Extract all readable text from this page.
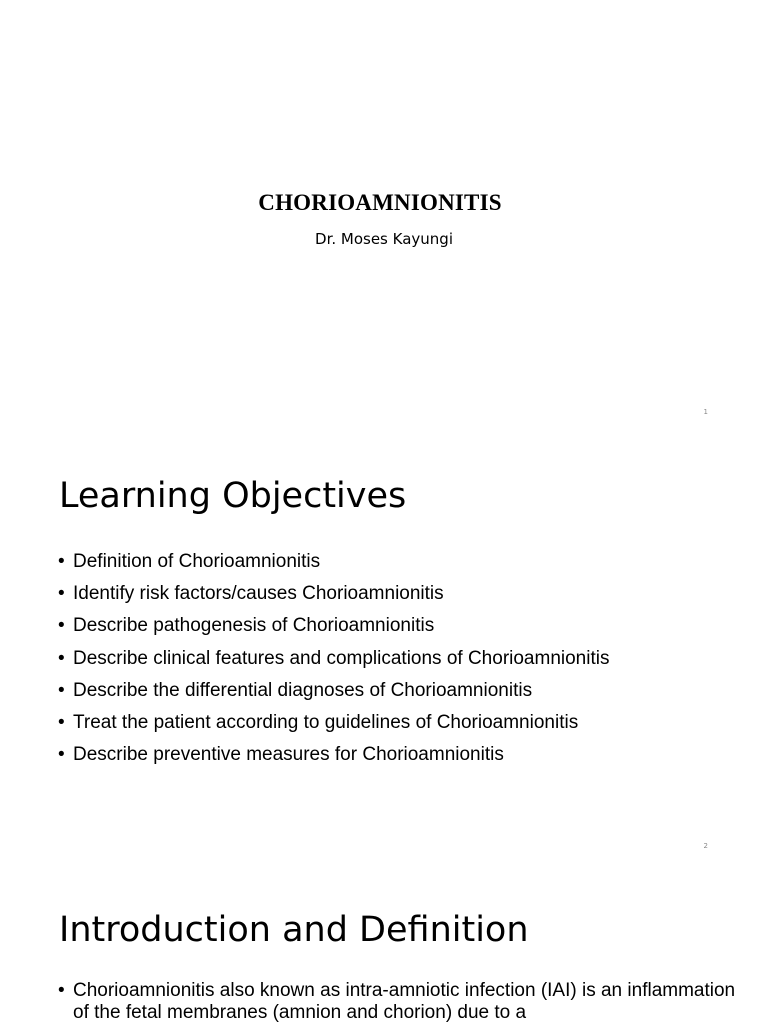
CHORIOAMNIONITIS
Dr. Moses Kayungi
1
Learning Objectives
• Definition of Chorioamnionitis
• Identify risk factors/causes Chorioamnionitis
• Describe pathogenesis of Chorioamnionitis
• Describe clinical features and complications of Chorioamnionitis
• Describe the differential diagnoses of Chorioamnionitis
• Treat the patient according to guidelines of Chorioamnionitis
• Describe preventive measures for Chorioamnionitis
2
Introduction and Definition
• Chorioamnionitis also known as intra-amniotic infection (IAI) is an inflammation of the fetal membranes (amnion and chorion) due to a
